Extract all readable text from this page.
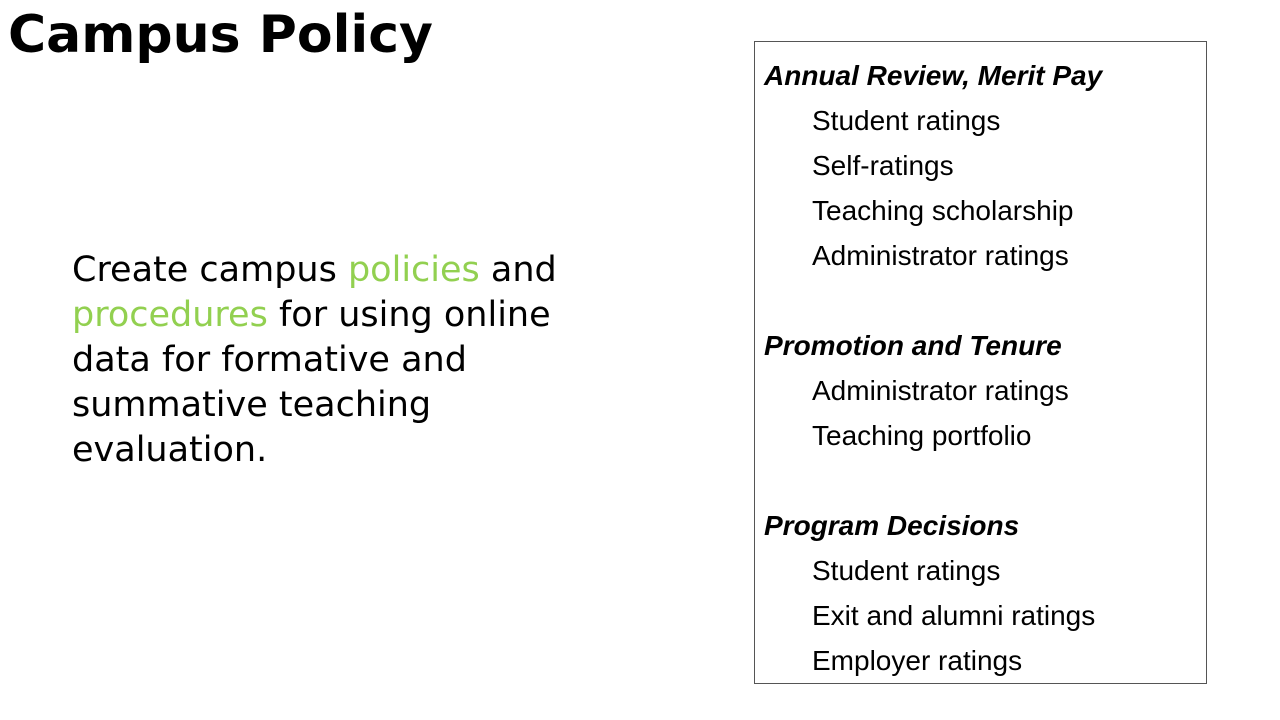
Campus Policy

Create campus policies and procedures for using online data for formative and summative teaching evaluation.

Annual Review, Merit Pay
Student ratings
Self-ratings
Teaching scholarship
Administrator ratings
Promotion and Tenure
Administrator ratings
Teaching portfolio
Program Decisions
Student ratings
Exit and alumni ratings
Employer ratings
